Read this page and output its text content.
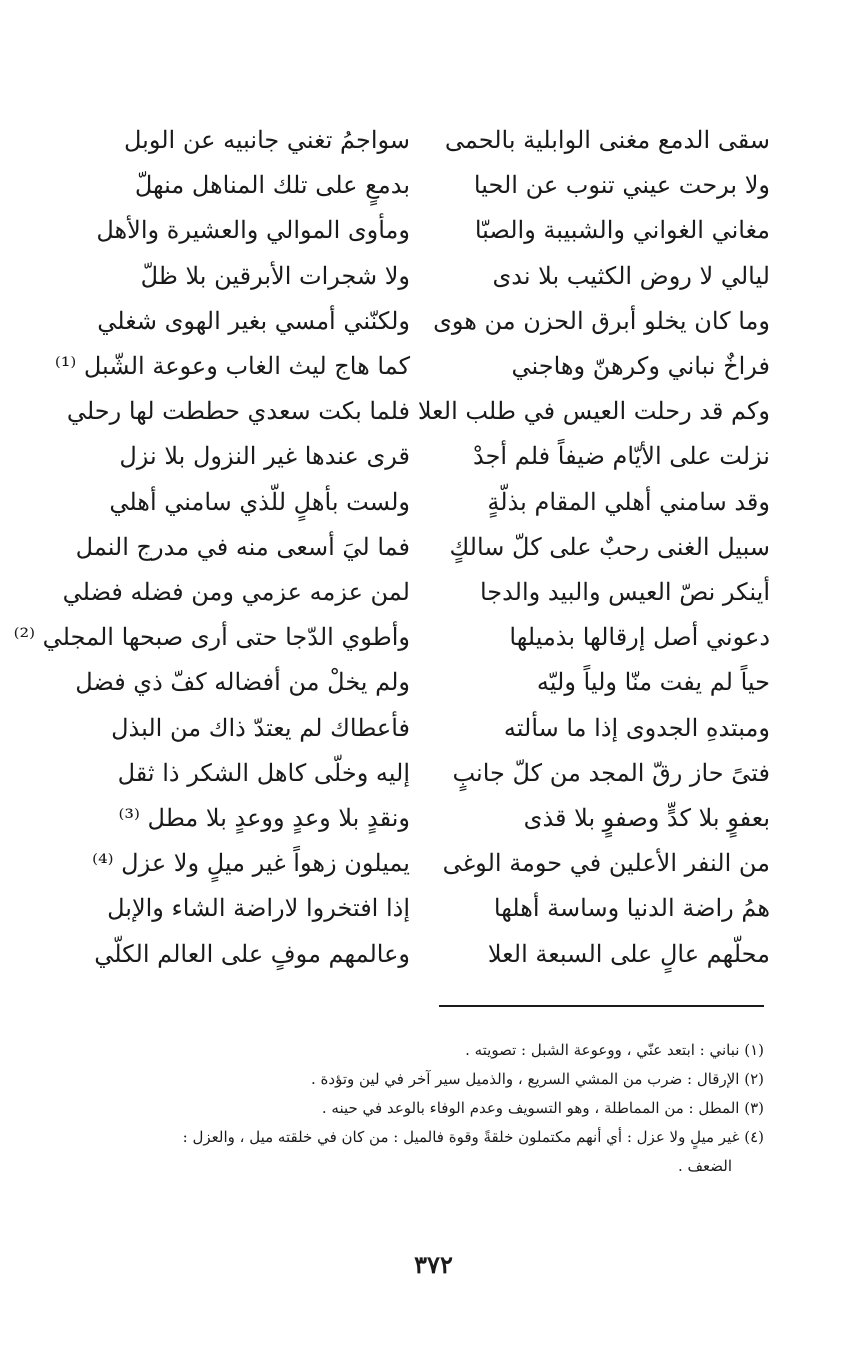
سقى الدمع مغنى الوابلية بالحمى
سواجمُ تغني جانبيه عن الوبل
ولا برحت عيني تنوب عن الحيا
بدمعٍ على تلك المناهل منهلّ
مغاني الغواني والشبيبة والصبّا
ومأوى الموالي والعشيرة والأهل
ليالي لا روض الكثيب بلا ندى
ولا شجرات الأبرقين بلا ظلّ
وما كان يخلو أبرق الحزن من هوى
ولكنّني أمسي بغير الهوى شغلي
فراخٌ نباني وكرهنّ وهاجني
كما هاج ليث الغاب وعوعة الشّبل ⁽¹⁾
وكم قد رحلت العيس في طلب العلا
فلما بكت سعدي حططت لها رحلي
نزلت على الأيّام ضيفاً فلم أجدْ
قرى عندها غير النزول بلا نزل
وقد سامني أهلي المقام بذلّةٍ
ولست بأهلٍ للّذي سامني أهلي
سبيل الغنى رحبٌ على كلّ سالكٍ
فما ليَ أسعى منه في مدرج النمل
أينكر نصّ العيس والبيد والدجا
لمن عزمه عزمي ومن فضله فضلي
دعوني أصل إرقالها بذميلها
وأطوي الدّجا حتى أرى صبحها المجلي ⁽²⁾
حياً لم يفت منّا ولياً وليّه
ولم يخلْ من أفضاله كفّ ذي فضل
ومبتدهِ الجدوى إذا ما سألته
فأعطاك لم يعتدّ ذاك من البذل
فتىً حاز رقّ المجد من كلّ جانبٍ
إليه وخلّى كاهل الشكر ذا ثقل
بعفوٍ بلا كدٍّ وصفوٍ بلا قذى
ونقدٍ بلا وعدٍ ووعدٍ بلا مطل ⁽³⁾
من النفر الأعلين في حومة الوغى
يميلون زهواً غير ميلٍ ولا عزل ⁽⁴⁾
همُ راضة الدنيا وساسة أهلها
إذا افتخروا لاراضة الشاء والإبل
محلّهم عالٍ على السبعة العلا
وعالمهم موفٍ على العالم الكلّي
(١) نباني : ابتعد عنّي ، ووعوعة الشبل : تصويته .
(٢) الإرقال : ضرب من المشي السريع ، والذميل سير آخر في لين وتؤدة .
(٣) المطل : من المماطلة ، وهو التسويف وعدم الوفاء بالوعد في حينه .
(٤) غير ميلٍ ولا عزل : أي أنهم مكتملون خلقةً وقوة فالميل : من كان في خلقته ميل ، والعزل :
الضعف .
٣٧٢
